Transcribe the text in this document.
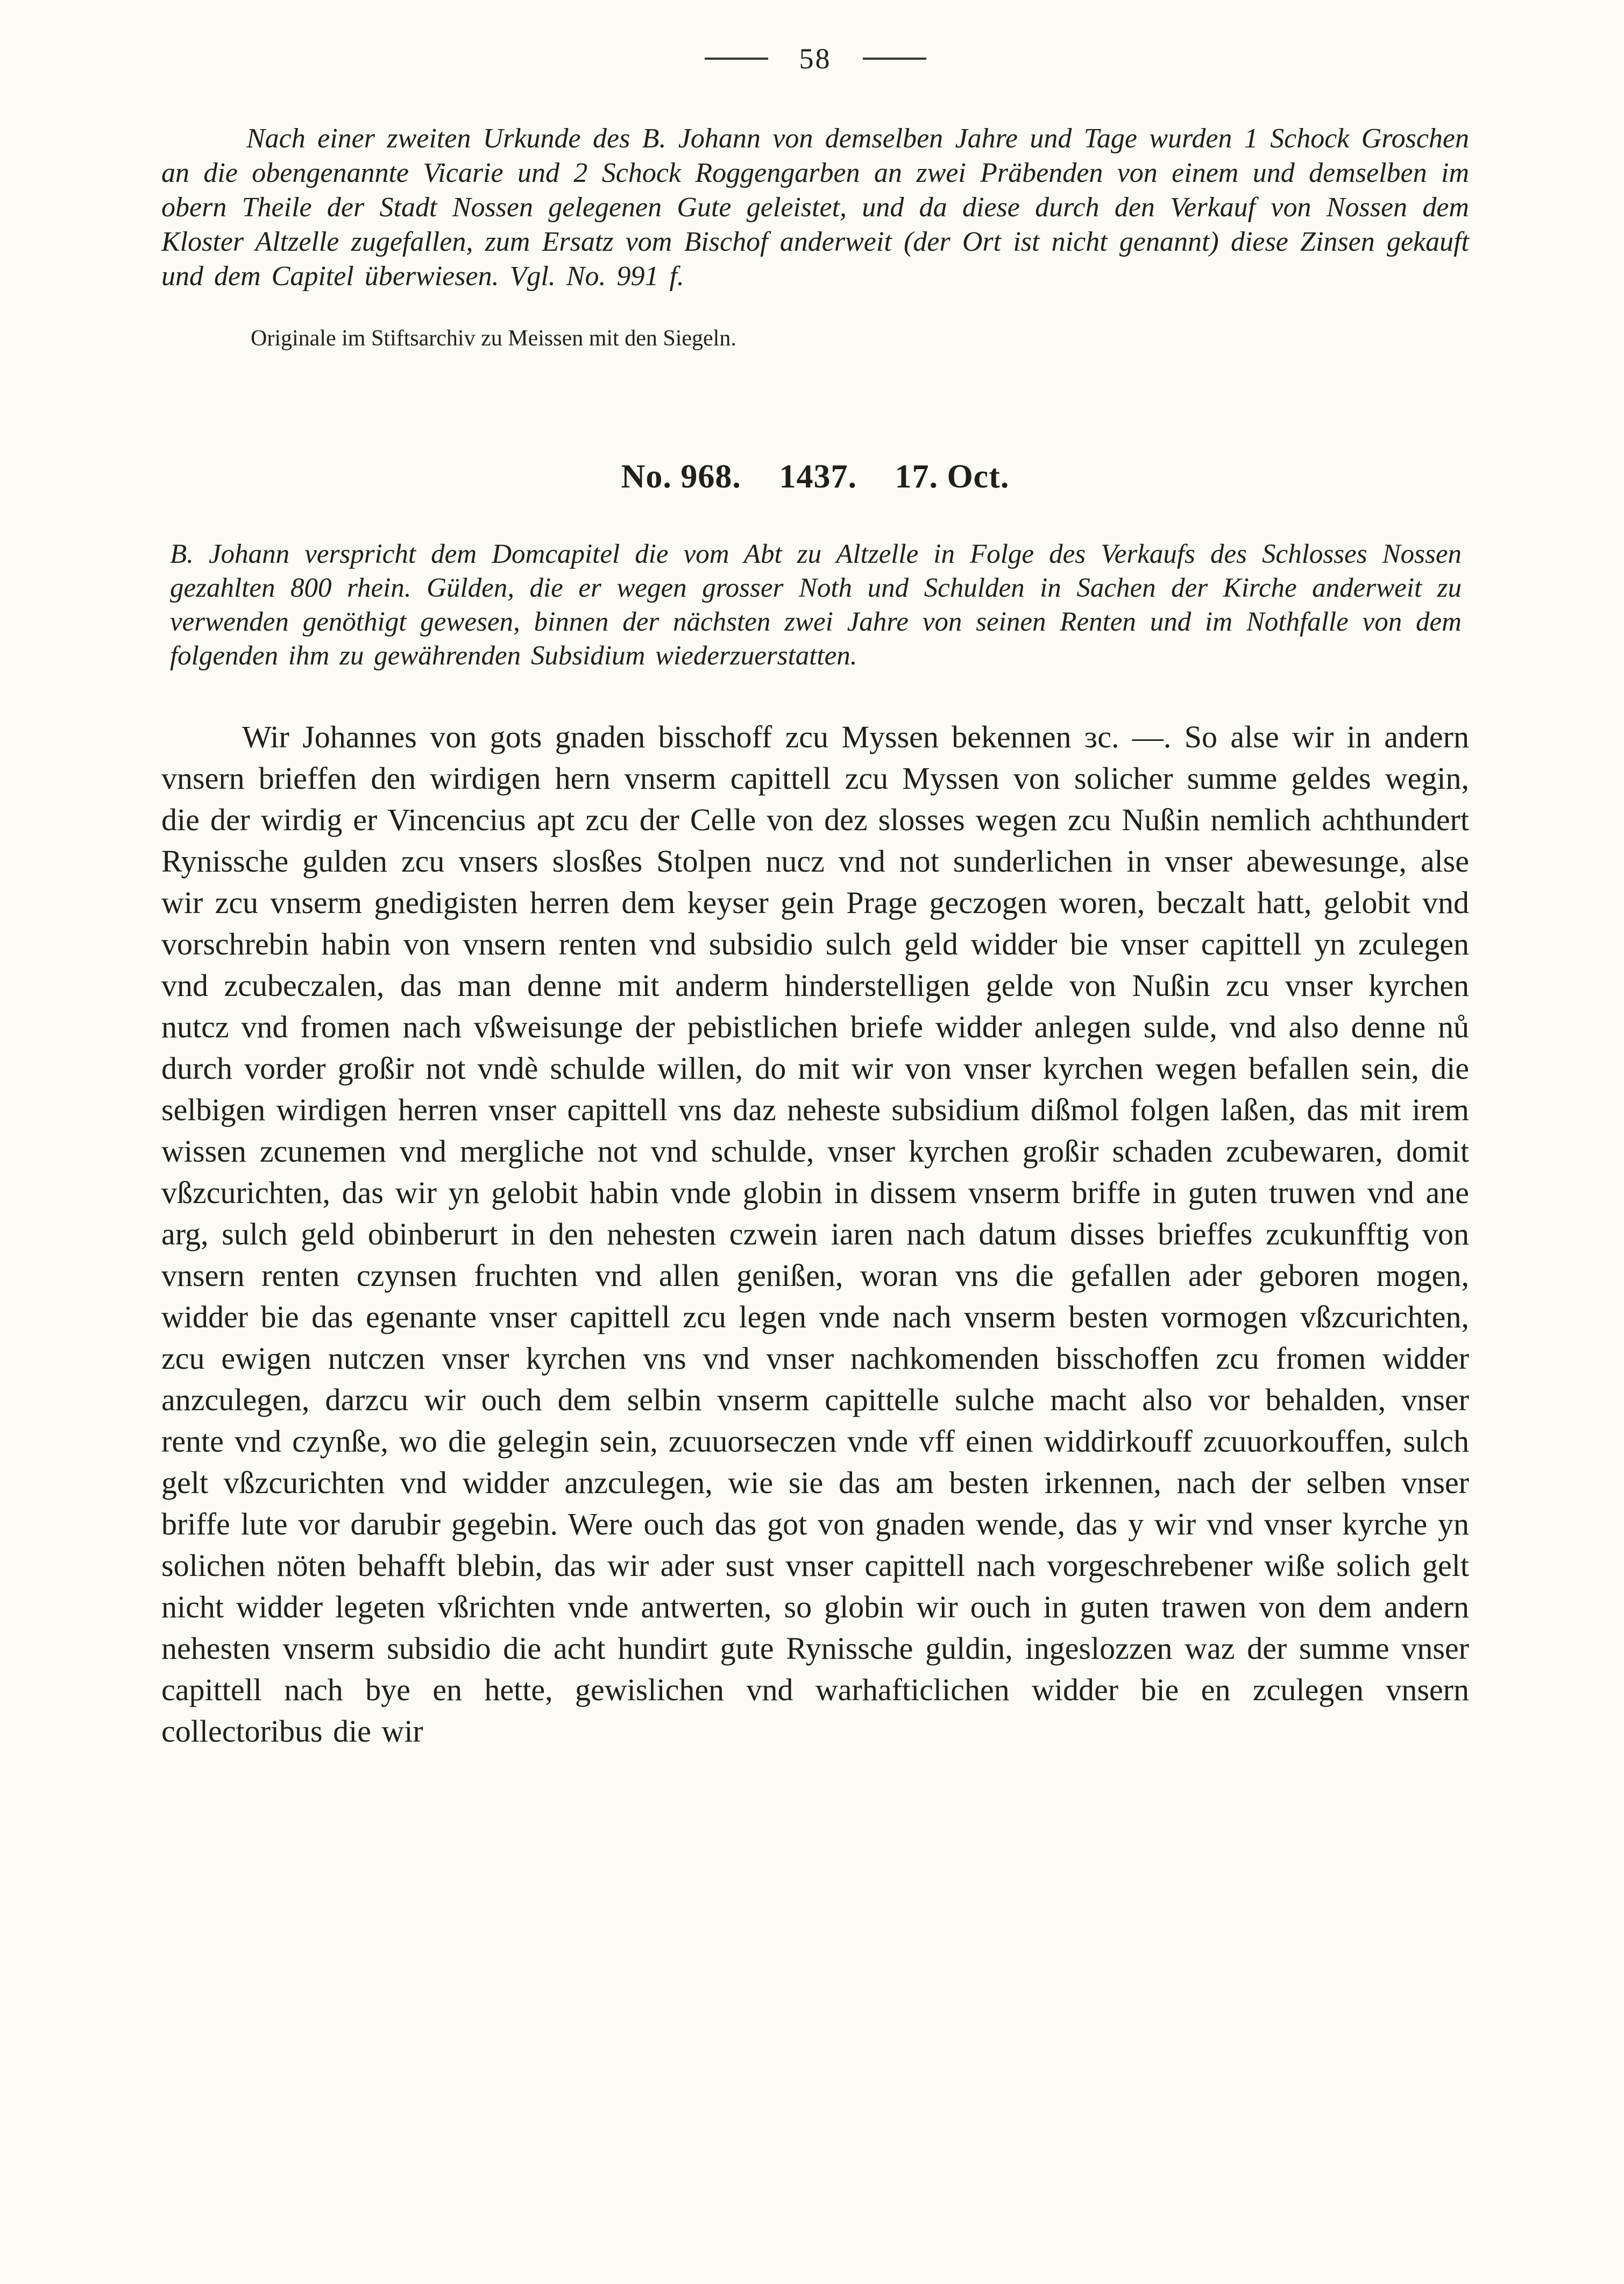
58

Nach einer zweiten Urkunde des B. Johann von demselben Jahre und Tage wurden 1 Schock Groschen an die obengenannte Vicarie und 2 Schock Roggengarben an zwei Präbenden von einem und demselben im obern Theile der Stadt Nossen gelegenen Gute geleistet, und da diese durch den Verkauf von Nossen dem Kloster Altzelle zugefallen, zum Ersatz vom Bischof anderweit (der Ort ist nicht genannt) diese Zinsen gekauft und dem Capitel überwiesen. Vgl. No. 991 f.

Originale im Stiftsarchiv zu Meissen mit den Siegeln.

No. 968. 1437. 17. Oct.

B. Johann verspricht dem Domcapitel die vom Abt zu Altzelle in Folge des Verkaufs des Schlosses Nossen gezahlten 800 rhein. Gülden, die er wegen grosser Noth und Schulden in Sachen der Kirche anderweit zu verwenden genöthigt gewesen, binnen der nächsten zwei Jahre von seinen Renten und im Nothfalle von dem folgenden ihm zu gewährenden Subsidium wiederzuerstatten.

Wir Johannes von gots gnaden bisschoff zcu Myssen bekennen ɜc. —. So alse wir in andern vnsern brieffen den wirdigen hern vnserm capittell zcu Myssen von solicher summe geldes wegin, die der wirdig er Vincencius apt zcu der Celle von dez slosses wegen zcu Nußin nemlich achthundert Rynissche gulden zcu vnsers slosßes Stolpen nucz vnd not sunderlichen in vnser abewesunge, alse wir zcu vnserm gnedigisten herren dem keyser gein Prage geczogen woren, beczalt hatt, gelobit vnd vorschrebin habin von vnsern renten vnd subsidio sulch geld widder bie vnser capittell yn zculegen vnd zcubeczalen, das man denne mit anderm hinderstelligen gelde von Nußin zcu vnser kyrchen nutcz vnd fromen nach vßweisunge der pebistlichen briefe widder anlegen sulde, vnd also denne nů durch vorder großir not vndè schulde willen, do mit wir von vnser kyrchen wegen befallen sein, die selbigen wirdigen herren vnser capittell vns daz neheste subsidium dißmol folgen laßen, das mit irem wissen zcunemen vnd mergliche not vnd schulde, vnser kyrchen großir schaden zcubewaren, domit vßzcurichten, das wir yn gelobit habin vnde globin in dissem vnserm briffe in guten truwen vnd ane arg, sulch geld obinberurt in den nehesten czwein iaren nach datum disses brieffes zcukunfftig von vnsern renten czynsen fruchten vnd allen genißen, woran vns die gefallen ader geboren mogen, widder bie das egenante vnser capittell zcu legen vnde nach vnserm besten vormogen vßzcurichten, zcu ewigen nutczen vnser kyrchen vns vnd vnser nachkomenden bisschoffen zcu fromen widder anzculegen, darzcu wir ouch dem selbin vnserm capittelle sulche macht also vor behalden, vnser rente vnd czynße, wo die gelegin sein, zcuuorseczen vnde vff einen widdirkouff zcuuorkouffen, sulch gelt vßzcurichten vnd widder anzculegen, wie sie das am besten irkennen, nach der selben vnser briffe lute vor darubir gegebin. Were ouch das got von gnaden wende, das y wir vnd vnser kyrche yn solichen nöten behafft blebin, das wir ader sust vnser capittell nach vorgeschrebener wiße solich gelt nicht widder legeten vßrichten vnde antwerten, so globin wir ouch in guten trawen von dem andern nehesten vnserm subsidio die acht hundirt gute Rynissche guldin, ingeslozzen waz der summe vnser capittell nach bye en hette, gewislichen vnd warhafticlichen widder bie en zculegen vnsern collectoribus die wir
